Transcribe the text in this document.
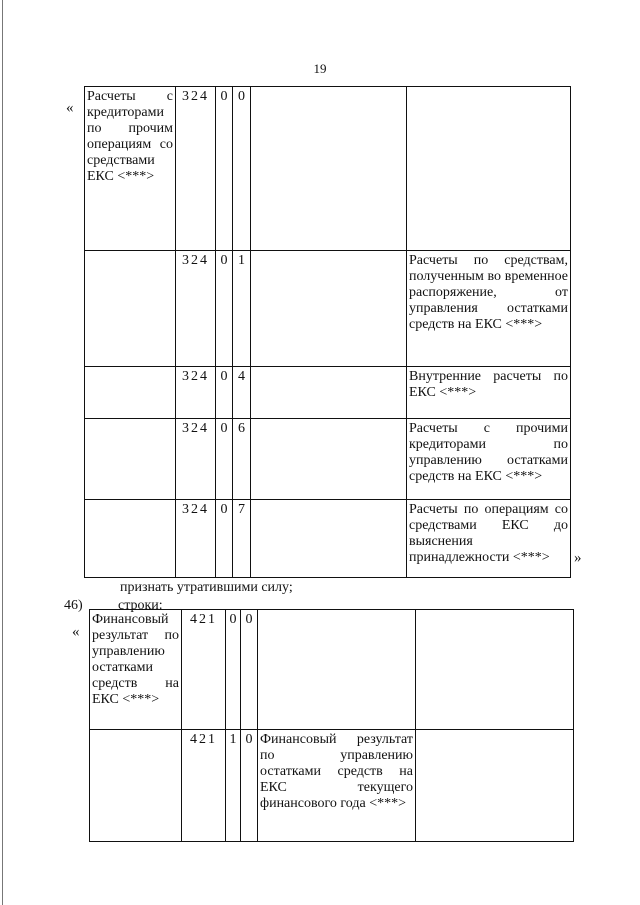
19
«
Расчеты с кредиторами по прочим операциям со средствами ЕКС <***>	324	0	0		
	324	0	1		Расчеты по средствам, полученным во временное распоряжение, от управления остатками средств на ЕКС <***>
	324	0	4		Внутренние расчеты по ЕКС <***>
	324	0	6		Расчеты с прочими кредиторами по управлению остатками средств на ЕКС <***>
	324	0	7		Расчеты по операциям со средствами ЕКС до выяснения принадлежности <***> »
признать утратившими силу;
46)	строки:
«
Финансовый результат по управлению остатками средств на ЕКС <***>	421	0	0		
	421	1	0	Финансовый результат по управлению остатками средств на ЕКС текущего финансового года <***>	
